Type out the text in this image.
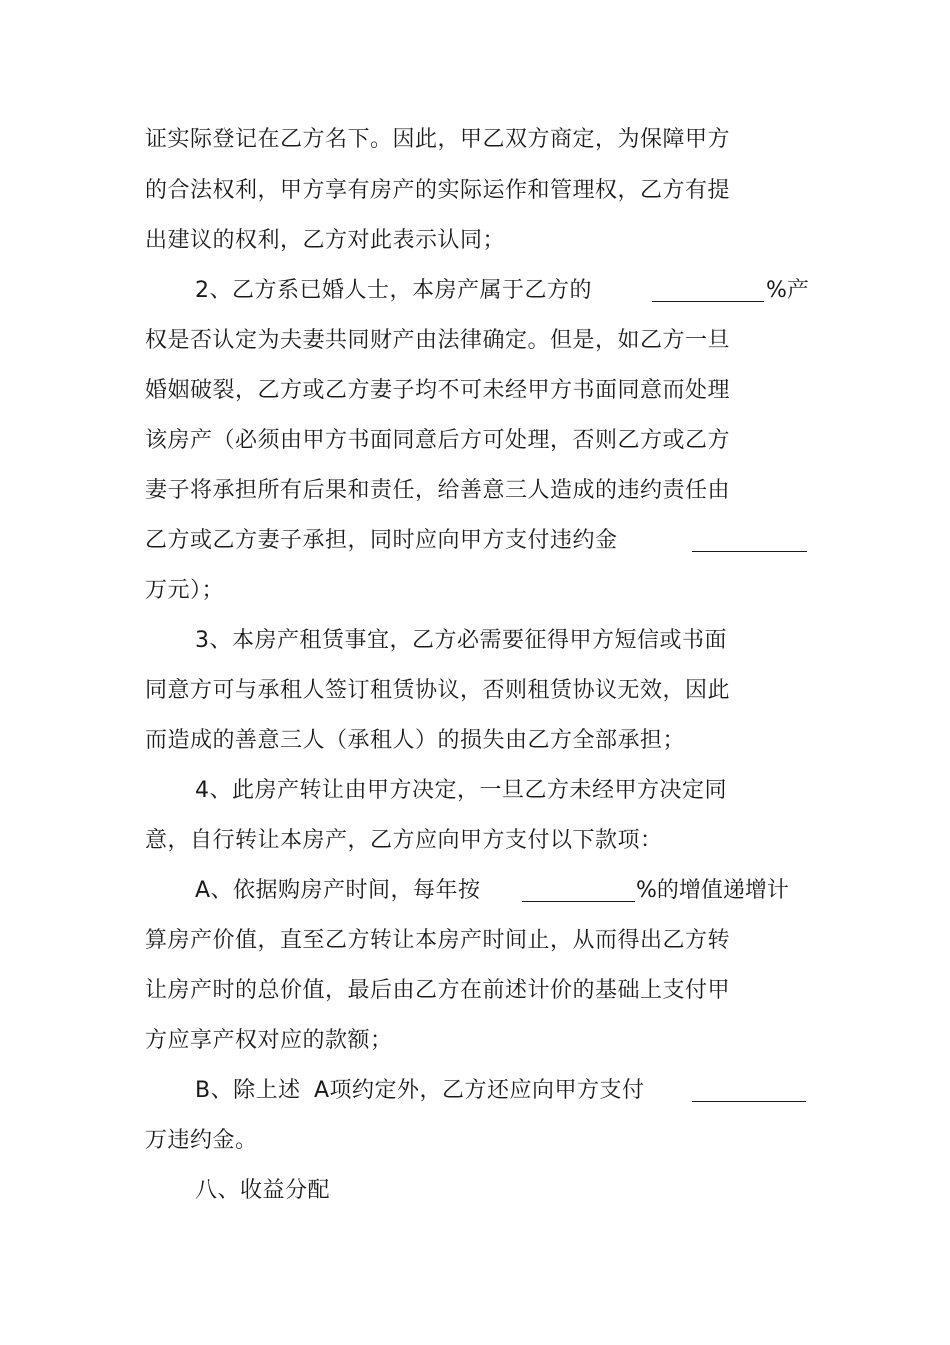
证实际登记在乙方名下。因此，甲乙双方商定，为保障甲方
的合法权利，甲方享有房产的实际运作和管理权，乙方有提
出建议的权利，乙方对此表示认同；
2、乙方系已婚人士，本房产属于乙方的	%产
权是否认定为夫妻共同财产由法律确定。但是，如乙方一旦
婚姻破裂，乙方或乙方妻子均不可未经甲方书面同意而处理
该房产（必须由甲方书面同意后方可处理，否则乙方或乙方
妻子将承担所有后果和责任，给善意三人造成的违约责任由
乙方或乙方妻子承担，同时应向甲方支付违约金
万元）；
3、本房产租赁事宜，乙方必需要征得甲方短信或书面
同意方可与承租人签订租赁协议，否则租赁协议无效，因此
而造成的善意三人（承租人）的损失由乙方全部承担；
4、此房产转让由甲方决定，一旦乙方未经甲方决定同
意，自行转让本房产，乙方应向甲方支付以下款项：
A、依据购房产时间，每年按	%的增值递增计
算房产价值，直至乙方转让本房产时间止，从而得出乙方转
让房产时的总价值，最后由乙方在前述计价的基础上支付甲
方应享产权对应的款额；
B、除上述 A项约定外，乙方还应向甲方支付
万违约金。
八、收益分配
